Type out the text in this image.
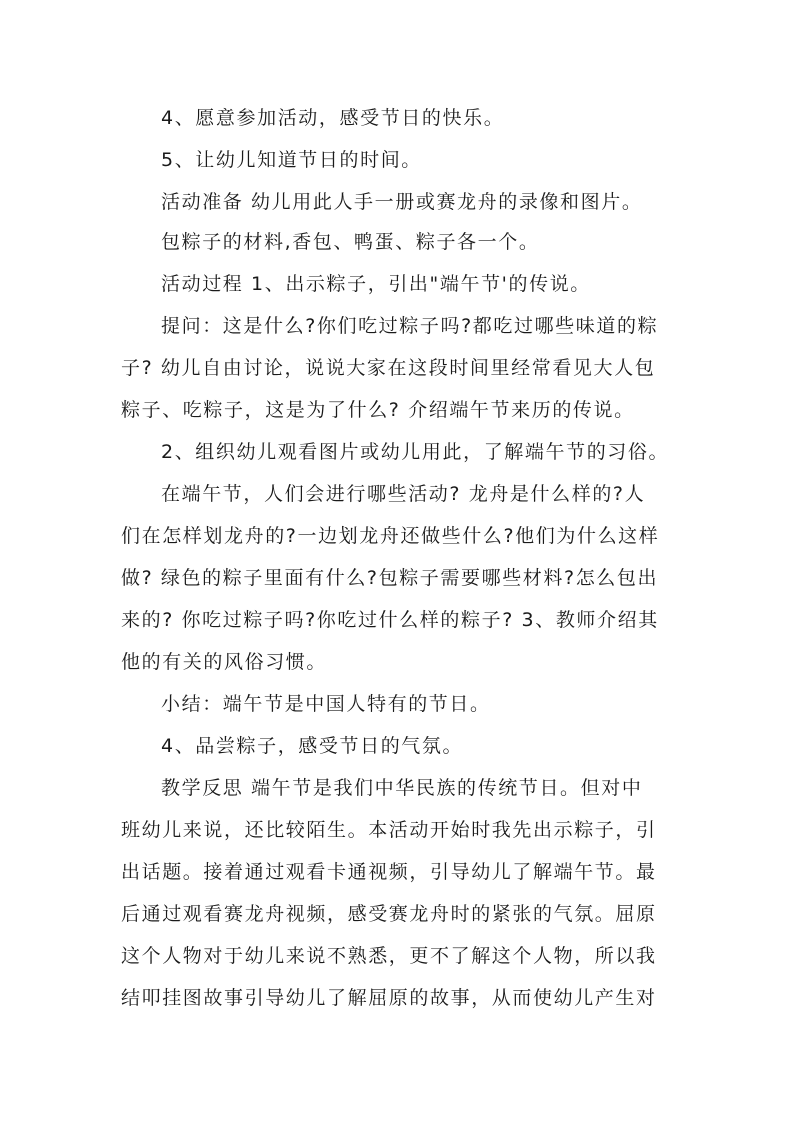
4、愿意参加活动，感受节日的快乐。
5、让幼儿知道节日的时间。
活动准备 幼儿用此人手一册或赛龙舟的录像和图片。
包粽子的材料,香包、鸭蛋、粽子各一个。
活动过程 1、出示粽子，引出"端午节'的传说。
提问：这是什么?你们吃过粽子吗?都吃过哪些味道的粽
子? 幼儿自由讨论，说说大家在这段时间里经常看见大人包
粽子、吃粽子，这是为了什么? 介绍端午节来历的传说。
2、组织幼儿观看图片或幼儿用此，了解端午节的习俗。
在端午节，人们会进行哪些活动? 龙舟是什么样的?人
们在怎样划龙舟的?一边划龙舟还做些什么?他们为什么这样
做? 绿色的粽子里面有什么?包粽子需要哪些材料?怎么包出
来的? 你吃过粽子吗?你吃过什么样的粽子? 3、教师介绍其
他的有关的风俗习惯。
小结：端午节是中国人特有的节日。
4、品尝粽子，感受节日的气氛。
教学反思 端午节是我们中华民族的传统节日。但对中
班幼儿来说，还比较陌生。本活动开始时我先出示粽子，引
出话题。接着通过观看卡通视频，引导幼儿了解端午节。最
后通过观看赛龙舟视频，感受赛龙舟时的紧张的气氛。屈原
这个人物对于幼儿来说不熟悉，更不了解这个人物，所以我
结叩挂图故事引导幼儿了解屈原的故事，从而使幼儿产生对
